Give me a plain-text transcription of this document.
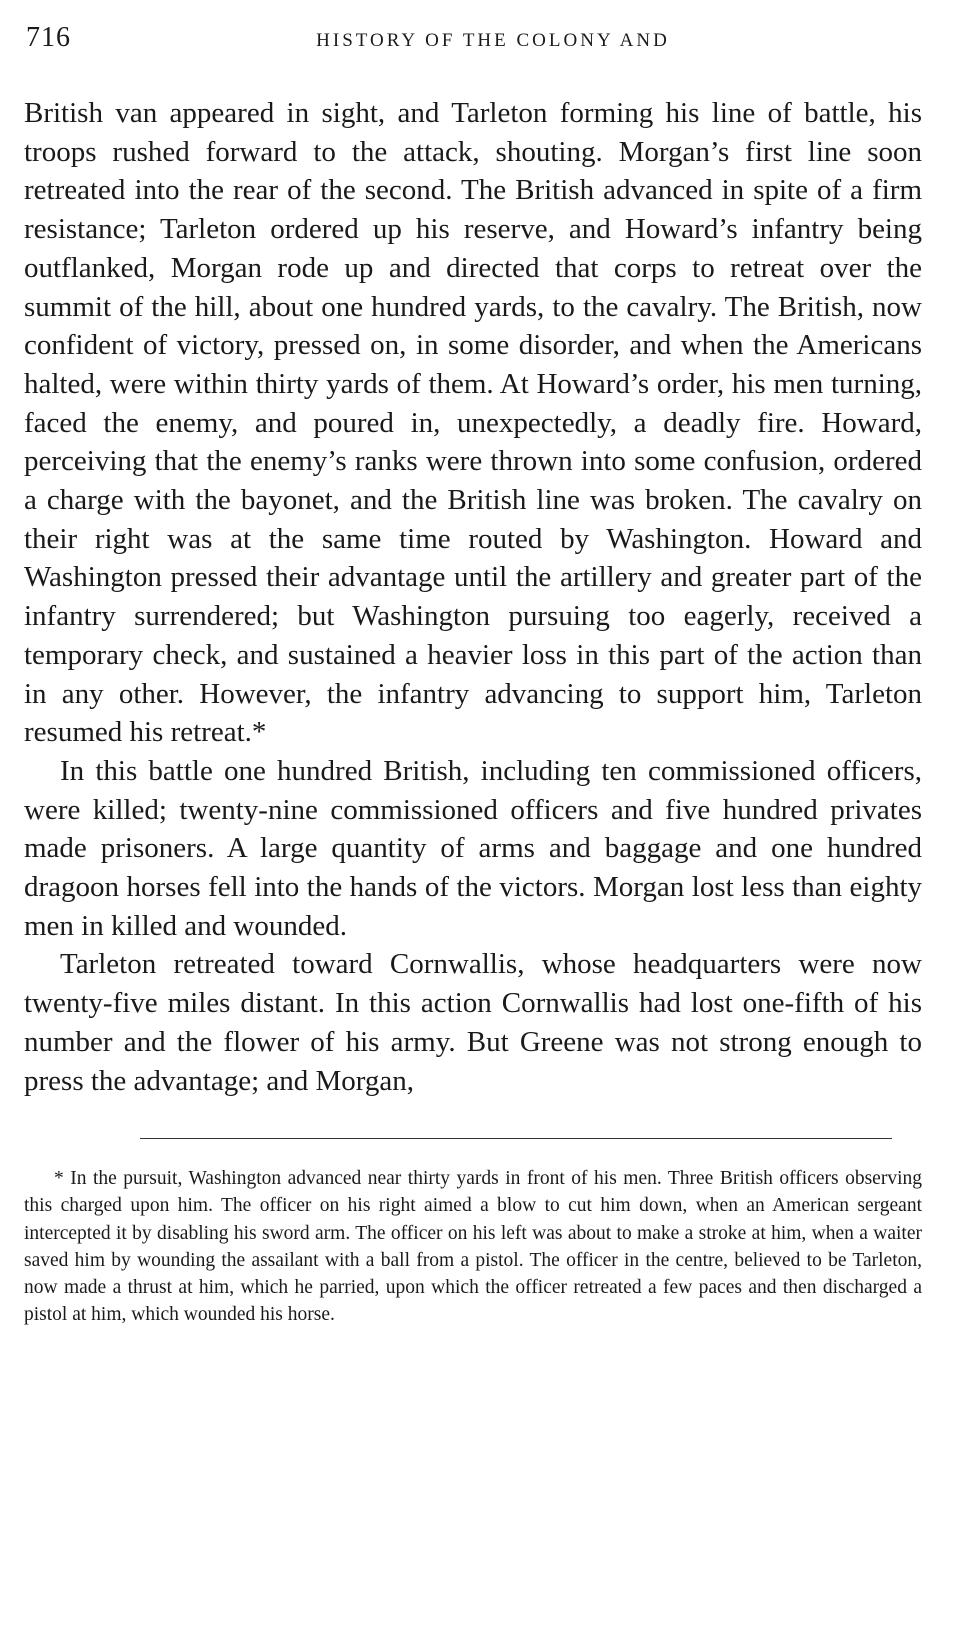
716	HISTORY OF THE COLONY AND

British van appeared in sight, and Tarleton forming his line of battle, his troops rushed forward to the attack, shouting. Morgan’s first line soon retreated into the rear of the second. The British advanced in spite of a firm resistance; Tarleton ordered up his reserve, and Howard’s infantry being outflanked, Morgan rode up and directed that corps to retreat over the summit of the hill, about one hundred yards, to the cavalry. The British, now confident of victory, pressed on, in some disorder, and when the Americans halted, were within thirty yards of them. At Howard’s order, his men turning, faced the enemy, and poured in, unexpectedly, a deadly fire. Howard, perceiving that the enemy’s ranks were thrown into some confusion, ordered a charge with the bayonet, and the British line was broken. The cavalry on their right was at the same time routed by Washington. Howard and Washington pressed their advantage until the artillery and greater part of the infantry surrendered; but Washington pursuing too eagerly, received a temporary check, and sustained a heavier loss in this part of the action than in any other. However, the infantry advancing to support him, Tarleton resumed his retreat.*

In this battle one hundred British, including ten commissioned officers, were killed; twenty-nine commissioned officers and five hundred privates made prisoners. A large quantity of arms and baggage and one hundred dragoon horses fell into the hands of the victors. Morgan lost less than eighty men in killed and wounded.

Tarleton retreated toward Cornwallis, whose headquarters were now twenty-five miles distant. In this action Cornwallis had lost one-fifth of his number and the flower of his army. But Greene was not strong enough to press the advantage; and Morgan,

* In the pursuit, Washington advanced near thirty yards in front of his men. Three British officers observing this charged upon him. The officer on his right aimed a blow to cut him down, when an American sergeant intercepted it by disabling his sword arm. The officer on his left was about to make a stroke at him, when a waiter saved him by wounding the assailant with a ball from a pistol. The officer in the centre, believed to be Tarleton, now made a thrust at him, which he parried, upon which the officer retreated a few paces and then discharged a pistol at him, which wounded his horse.
